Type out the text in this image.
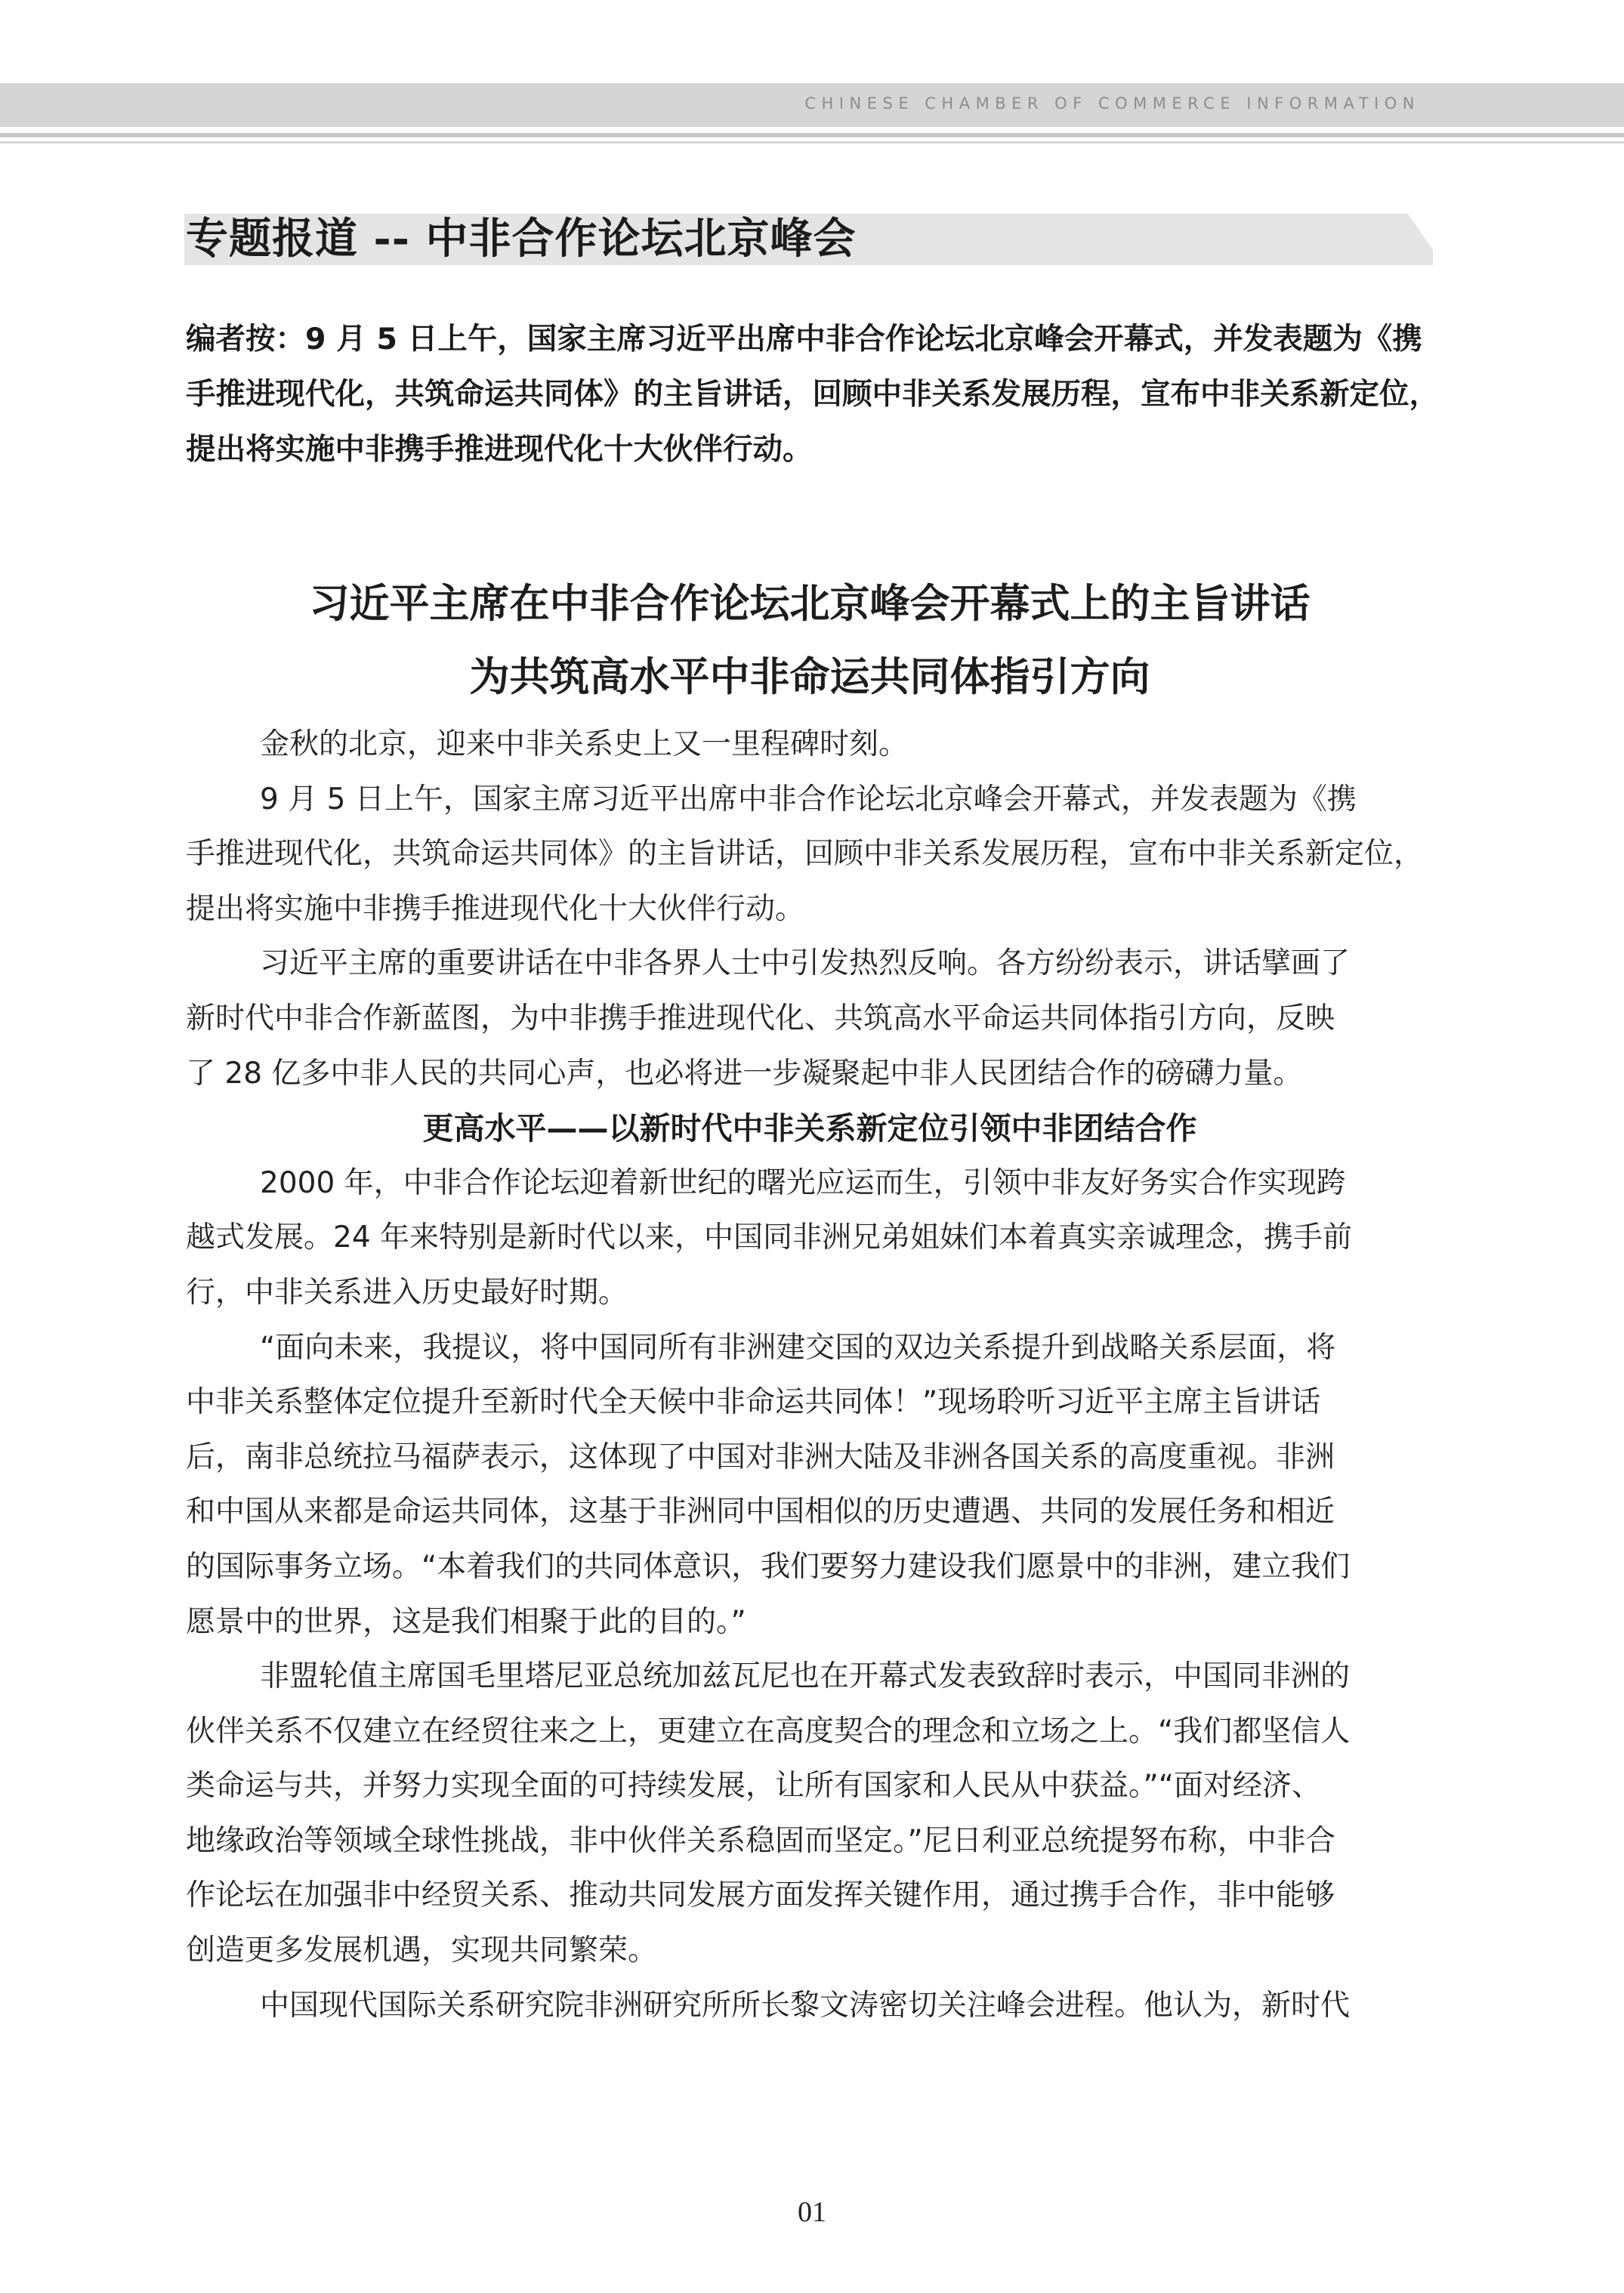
CHINESE CHAMBER OF COMMERCE INFORMATION
专题报道 -- 中非合作论坛北京峰会
编者按：9 月 5 日上午，国家主席习近平出席中非合作论坛北京峰会开幕式，并发表题为《携
手推进现代化，共筑命运共同体》的主旨讲话，回顾中非关系发展历程，宣布中非关系新定位，
提出将实施中非携手推进现代化十大伙伴行动。
习近平主席在中非合作论坛北京峰会开幕式上的主旨讲话
为共筑高水平中非命运共同体指引方向
金秋的北京，迎来中非关系史上又一里程碑时刻。
9 月 5 日上午，国家主席习近平出席中非合作论坛北京峰会开幕式，并发表题为《携
手推进现代化，共筑命运共同体》的主旨讲话，回顾中非关系发展历程，宣布中非关系新定位，
提出将实施中非携手推进现代化十大伙伴行动。
习近平主席的重要讲话在中非各界人士中引发热烈反响。各方纷纷表示，讲话擘画了
新时代中非合作新蓝图，为中非携手推进现代化、共筑高水平命运共同体指引方向，反映
了 28 亿多中非人民的共同心声，也必将进一步凝聚起中非人民团结合作的磅礴力量。
更高水平——以新时代中非关系新定位引领中非团结合作
2000 年，中非合作论坛迎着新世纪的曙光应运而生，引领中非友好务实合作实现跨
越式发展。24 年来特别是新时代以来，中国同非洲兄弟姐妹们本着真实亲诚理念，携手前
行，中非关系进入历史最好时期。
“面向未来，我提议，将中国同所有非洲建交国的双边关系提升到战略关系层面，将
中非关系整体定位提升至新时代全天候中非命运共同体！”现场聆听习近平主席主旨讲话
后，南非总统拉马福萨表示，这体现了中国对非洲大陆及非洲各国关系的高度重视。非洲
和中国从来都是命运共同体，这基于非洲同中国相似的历史遭遇、共同的发展任务和相近
的国际事务立场。“本着我们的共同体意识，我们要努力建设我们愿景中的非洲，建立我们
愿景中的世界，这是我们相聚于此的目的。”
非盟轮值主席国毛里塔尼亚总统加兹瓦尼也在开幕式发表致辞时表示，中国同非洲的
伙伴关系不仅建立在经贸往来之上，更建立在高度契合的理念和立场之上。“我们都坚信人
类命运与共，并努力实现全面的可持续发展，让所有国家和人民从中获益。”“面对经济、
地缘政治等领域全球性挑战，非中伙伴关系稳固而坚定。”尼日利亚总统提努布称，中非合
作论坛在加强非中经贸关系、推动共同发展方面发挥关键作用，通过携手合作，非中能够
创造更多发展机遇，实现共同繁荣。
中国现代国际关系研究院非洲研究所所长黎文涛密切关注峰会进程。他认为，新时代
01
